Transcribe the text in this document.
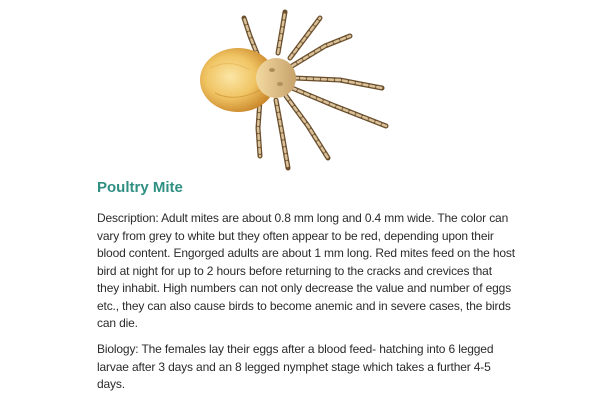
Poultry Mite

Description: Adult mites are about 0.8 mm long and 0.4 mm wide. The color can vary from grey to white but they often appear to be red, depending upon their blood content. Engorged adults are about 1 mm long. Red mites feed on the host bird at night for up to 2 hours before returning to the cracks and crevices that they inhabit. High numbers can not only decrease the value and number of eggs etc., they can also cause birds to become anemic and in severe cases, the birds can die.

Biology: The females lay their eggs after a blood feed- hatching into 6 legged larvae after 3 days and an 8 legged nymphet stage which takes a further 4-5 days.
